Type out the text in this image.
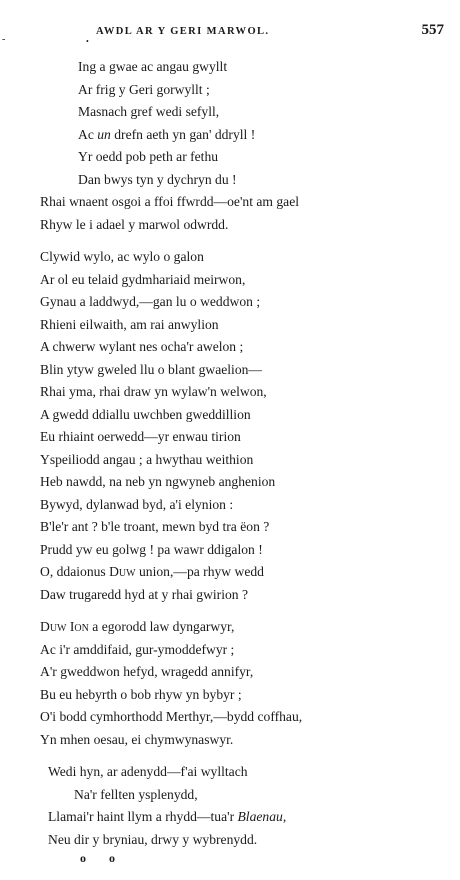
•
AWDL AR Y GERI MARWOL.	557
-
Ing a gwae ac angau gwyllt
Ar frig y Geri gorwyllt ;
Masnach gref wedi sefyll,
Ac un drefn aeth yn gan' ddryll !
Yr oedd pob peth ar fethu
Dan bwys tyn y dychryn du !
Rhai wnaent osgoi a ffoi ffwrdd—oe'nt am gael
Rhyw le i adael y marwol odwrdd.
Clywid wylo, ac wylo o galon
Ar ol eu telaid gydmhariaid meirwon,
Gynau a laddwyd,—gan lu o weddwon ;
Rhieni eilwaith, am rai anwylion
A chwerw wylant nes ocha'r awelon ;
Blin ytyw gweled llu o blant gwaelion—
Rhai yma, rhai draw yn wylaw'n welwon,
A gwedd ddiallu uwchben gweddillion
Eu rhiaint oerwedd—yr enwau tirion
Yspeiliodd angau ; a hwythau weithion
Heb nawdd, na neb yn ngwyneb anghenion
Bywyd, dylanwad byd, a'i elynion :
B'le'r ant ? b'le troant, mewn byd tra ëon ?
Prudd yw eu golwg ! pa wawr ddigalon !
O, ddaionus Duw union,—pa rhyw wedd
Daw trugaredd hyd at y rhai gwirion ?
Duw Ion a egorodd law dyngarwyr,
Ac i'r amddifaid, gur-ymoddefwyr ;
A'r gweddwon hefyd, wragedd annifyr,
Bu eu hebyrth o bob rhyw yn bybyr ;
O'i bodd cymhorthodd Merthyr,—bydd coffhau,
Yn mhen oesau, ei chymwynaswyr.
Wedi hyn, ar adenydd—f'ai wylltach
Na'r fellten ysplenydd,
Llamai'r haint llym a rhydd—tua'r Blaenau,
Neu dir y bryniau, drwy y wybrenydd.
o o
